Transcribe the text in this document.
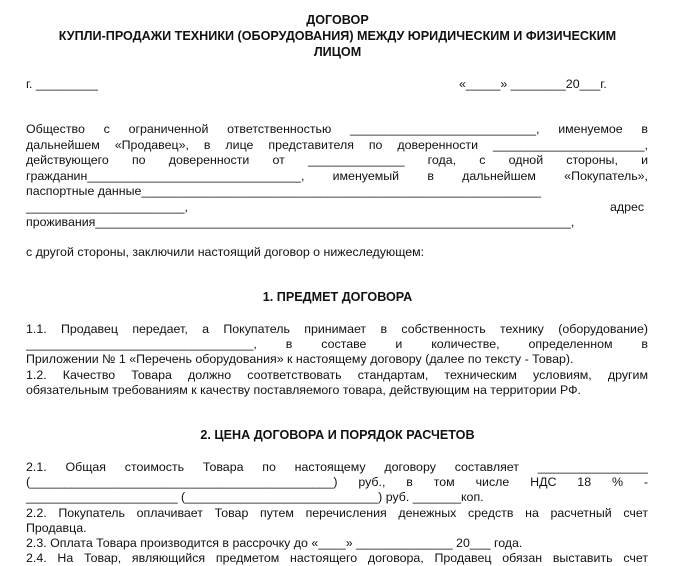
ДОГОВОР
КУПЛИ-ПРОДАЖИ ТЕХНИКИ (ОБОРУДОВАНИЯ) МЕЖДУ ЮРИДИЧЕСКИМ И ФИЗИЧЕСКИМ
ЛИЦОМ
г. _________	«_____» ________20___г.
Общество с ограниченной ответственностью ___________________________, именуемое в
дальнейшем «Продавец», в лице представителя по доверенности ______________________,
действующего по доверенности от ______________ года, с одной стороны, и
гражданин_______________________________, именуемый в дальнейшем «Покупатель»,
паспортные данные__________________________________________________________
_______________________,	адрес
проживания_____________________________________________________________________,
с другой стороны, заключили настоящий договор о нижеследующем:
1. ПРЕДМЕТ ДОГОВОРА
1.1. Продавец передает, а Покупатель принимает в собственность технику (оборудование)
_________________________________, в составе и количестве, определенном в
Приложении № 1 «Перечень оборудования» к настоящему договору (далее по тексту - Товар).
1.2. Качество Товара должно соответствовать стандартам, техническим условиям, другим
обязательным требованиям к качеству поставляемого товара, действующим на территории РФ.
2. ЦЕНА ДОГОВОРА И ПОРЯДОК РАСЧЕТОВ
2.1. Общая стоимость Товара по настоящему договору составляет ________________
(____________________________________________) руб., в том числе НДС 18 % -
______________________ (____________________________) руб. _______коп.
2.2. Покупатель оплачивает Товар путем перечисления денежных средств на расчетный счет
Продавца.
2.3. Оплата Товара производится в рассрочку до «____» ______________ 20___ года.
2.4. На Товар, являющийся предметом настоящего договора, Продавец обязан выставить счет
